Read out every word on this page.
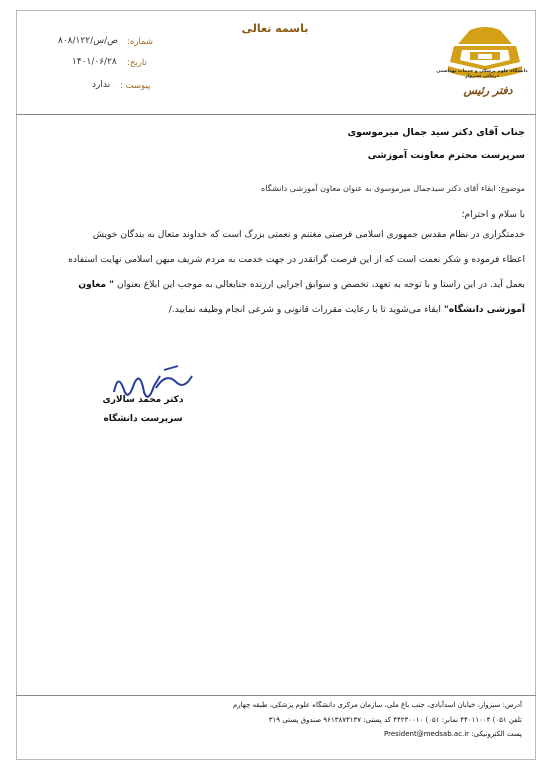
باسمه تعالی
شماره:
۸۰۸/ص/س/۱۲۲
تاریخ:
۱۴۰۱/۰۶/۲۸
پیوست :
ندارد
دانشگاه علوم پزشکی و خدمات بهداشتی درمانی سبزوار
دفتر رئیس
جناب آقای دکتر سید جمال میرموسوی
سرپرست محترم معاونت آموزشی
موضوع: ابقاء آقای دکتر سیدجمال میرموسوی به عنوان معاون آموزشی دانشگاه
با سلام و احترام؛
خدمتگزاری در نظام مقدس جمهوری اسلامی فرصتی مغتنم و نعمتی بزرگ است که خداوند متعال به بندگان خویش
اعطاء فرموده و شکر نعمت است که از این فرصت گرانقدر در جهت خدمت به مردم شریف میهن اسلامی نهایت استفاده
بعمل آید. در این راستا و با توجه به تعهد، تخصص و سوابق اجرایی ارزنده جنابعالی به موجب این ابلاغ بعنوان " معاون
آموزشی دانشگاه" ابقاء می‌شوید تا با رعایت مقررات قانونی و شرعی انجام وظیفه نمایید./
دکتر محمد سالاری
سرپرست دانشگاه
آدرس: سبزوار، خیابان اسدآبادی، جنب باغ ملی، سازمان مرکزی دانشگاه علوم پزشکی، طبقه چهارم
تلفن ۰۵۱) ۴۴۰۱۱۰۰۴ نمابر: ۰۵۱) ۴۴۲۳۰۰۱۰ کد پستی: ۹۶۱۳۸۷۳۱۳۷ صندوق پستی ۳۱۹
پست الکترونیکی: President@medsab.ac.ir
